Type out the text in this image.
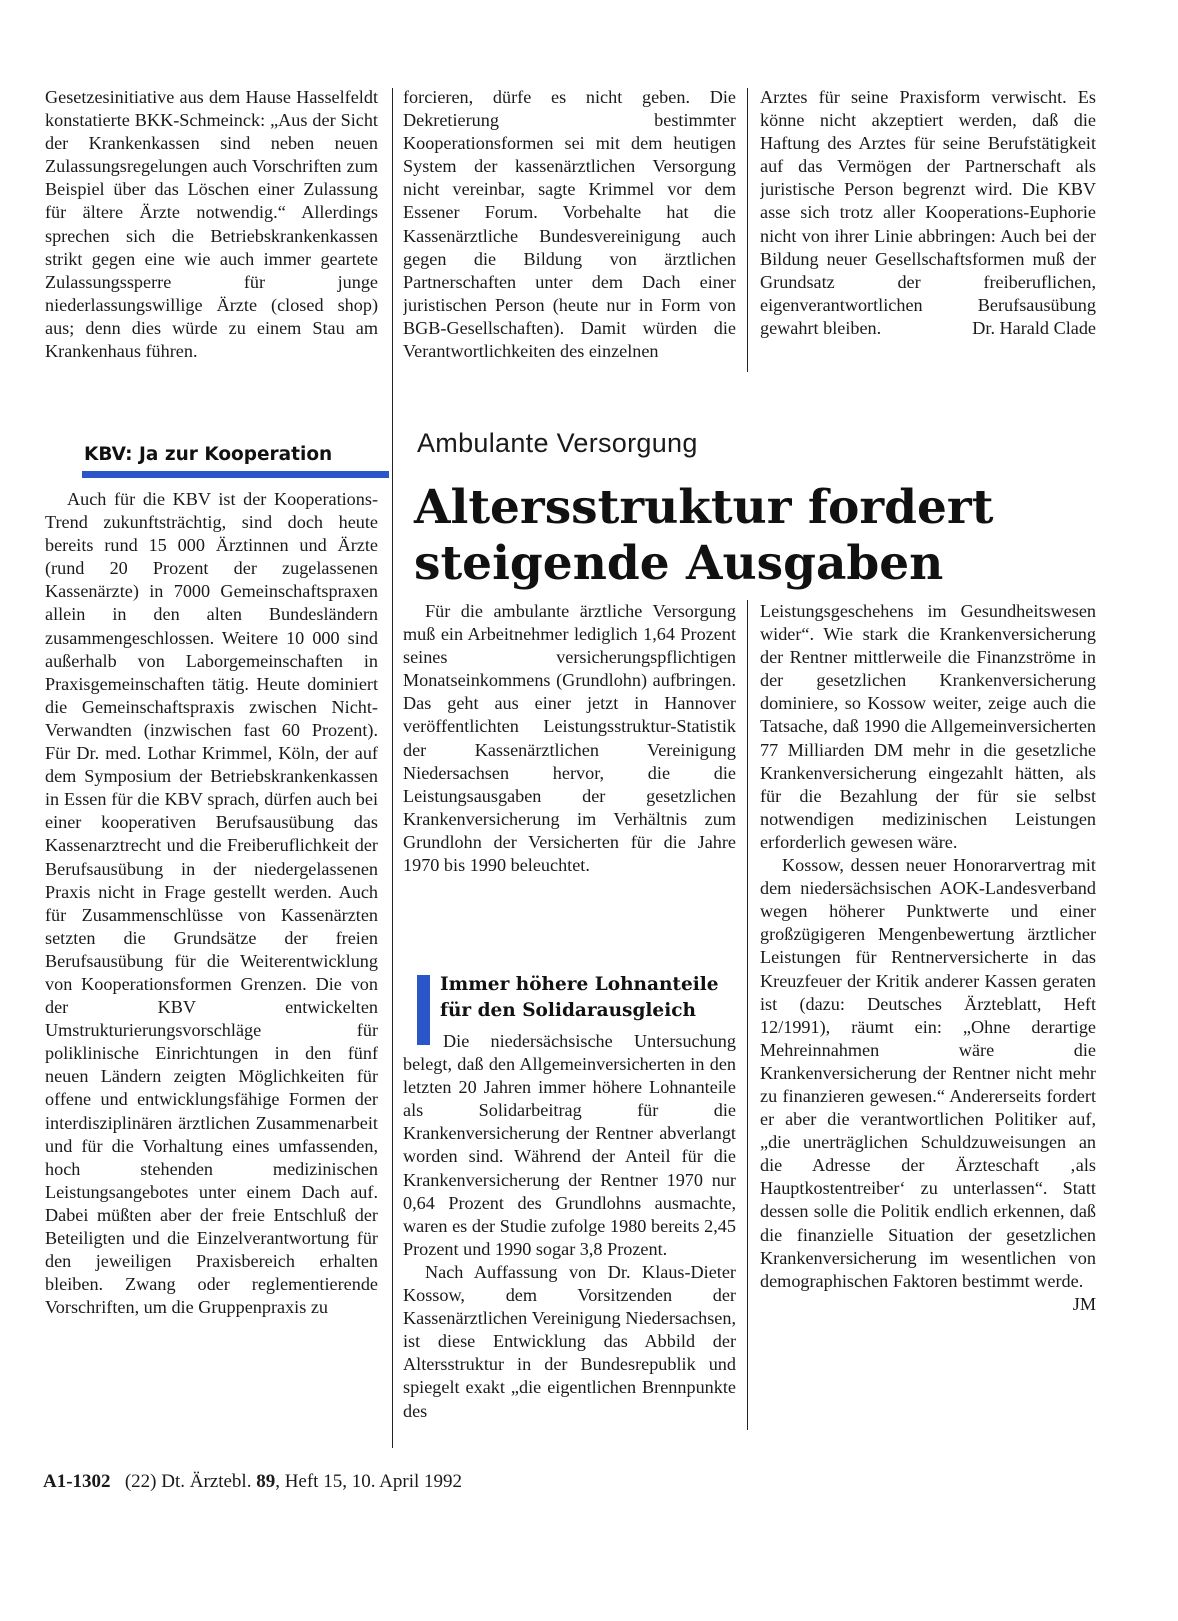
Gesetzesinitiative aus dem Hause Hasselfeldt konstatierte BKK-Schmeinck: „Aus der Sicht der Krankenkassen sind neben neuen Zulassungsregelungen auch Vorschriften zum Beispiel über das Löschen einer Zulassung für ältere Ärzte notwendig.“ Allerdings sprechen sich die Betriebskrankenkassen strikt gegen eine wie auch immer geartete Zulassungssperre für junge niederlassungswillige Ärzte (closed shop) aus; denn dies würde zu einem Stau am Krankenhaus führen.

KBV: Ja zur Kooperation

Auch für die KBV ist der Kooperations-Trend zukunftsträchtig, sind doch heute bereits rund 15 000 Ärztinnen und Ärzte (rund 20 Prozent der zugelassenen Kassenärzte) in 7000 Gemeinschaftspraxen allein in den alten Bundesländern zusammengeschlossen. Weitere 10 000 sind außerhalb von Laborgemeinschaften in Praxisgemeinschaften tätig. Heute dominiert die Gemeinschaftspraxis zwischen Nicht-Verwandten (inzwischen fast 60 Prozent). Für Dr. med. Lothar Krimmel, Köln, der auf dem Symposium der Betriebskrankenkassen in Essen für die KBV sprach, dürfen auch bei einer kooperativen Berufsausübung das Kassenarztrecht und die Freiberuflichkeit der Berufsausübung in der niedergelassenen Praxis nicht in Frage gestellt werden. Auch für Zusammenschlüsse von Kassenärzten setzten die Grundsätze der freien Berufsausübung für die Weiterentwicklung von Kooperationsformen Grenzen. Die von der KBV entwickelten Umstrukturierungsvorschläge für poliklinische Einrichtungen in den fünf neuen Ländern zeigten Möglichkeiten für offene und entwicklungsfähige Formen der interdisziplinären ärztlichen Zusammenarbeit und für die Vorhaltung eines umfassenden, hoch stehenden medizinischen Leistungsangebotes unter einem Dach auf. Dabei müßten aber der freie Entschluß der Beteiligten und die Einzelverantwortung für den jeweiligen Praxisbereich erhalten bleiben. Zwang oder reglementierende Vorschriften, um die Gruppenpraxis zu

forcieren, dürfe es nicht geben. Die Dekretierung bestimmter Kooperationsformen sei mit dem heutigen System der kassenärztlichen Versorgung nicht vereinbar, sagte Krimmel vor dem Essener Forum. Vorbehalte hat die Kassenärztliche Bundesvereinigung auch gegen die Bildung von ärztlichen Partnerschaften unter dem Dach einer juristischen Person (heute nur in Form von BGB-Gesellschaften). Damit würden die Verantwortlichkeiten des einzelnen

Arztes für seine Praxisform verwischt. Es könne nicht akzeptiert werden, daß die Haftung des Arztes für seine Berufstätigkeit auf das Vermögen der Partnerschaft als juristische Person begrenzt wird. Die KBV asse sich trotz aller Kooperations-Euphorie nicht von ihrer Linie abbringen: Auch bei der Bildung neuer Gesellschaftsformen muß der Grundsatz der freiberuflichen, eigenverantwortlichen Berufsausübung gewahrt bleiben.	Dr. Harald Clade

Ambulante Versorgung
Altersstruktur fordert
steigende Ausgaben

Für die ambulante ärztliche Versorgung muß ein Arbeitnehmer lediglich 1,64 Prozent seines versicherungspflichtigen Monatseinkommens (Grundlohn) aufbringen. Das geht aus einer jetzt in Hannover veröffentlichten Leistungsstruktur-Statistik der Kassenärztlichen Vereinigung Niedersachsen hervor, die die Leistungsausgaben der gesetzlichen Krankenversicherung im Verhältnis zum Grundlohn der Versicherten für die Jahre 1970 bis 1990 beleuchtet.

Immer höhere Lohnanteile
für den Solidarausgleich

Die niedersächsische Untersuchung belegt, daß den Allgemeinversicherten in den letzten 20 Jahren immer höhere Lohnanteile als Solidarbeitrag für die Krankenversicherung der Rentner abverlangt worden sind. Während der Anteil für die Krankenversicherung der Rentner 1970 nur 0,64 Prozent des Grundlohns ausmachte, waren es der Studie zufolge 1980 bereits 2,45 Prozent und 1990 sogar 3,8 Prozent.

Nach Auffassung von Dr. Klaus-Dieter Kossow, dem Vorsitzenden der Kassenärztlichen Vereinigung Niedersachsen, ist diese Entwicklung das Abbild der Altersstruktur in der Bundesrepublik und spiegelt exakt „die eigentlichen Brennpunkte des

Leistungsgeschehens im Gesundheitswesen wider“. Wie stark die Krankenversicherung der Rentner mittlerweile die Finanzströme in der gesetzlichen Krankenversicherung dominiere, so Kossow weiter, zeige auch die Tatsache, daß 1990 die Allgemeinversicherten 77 Milliarden DM mehr in die gesetzliche Krankenversicherung eingezahlt hätten, als für die Bezahlung der für sie selbst notwendigen medizinischen Leistungen erforderlich gewesen wäre.

Kossow, dessen neuer Honorarvertrag mit dem niedersächsischen AOK-Landesverband wegen höherer Punktwerte und einer großzügigeren Mengenbewertung ärztlicher Leistungen für Rentnerversicherte in das Kreuzfeuer der Kritik anderer Kassen geraten ist (dazu: Deutsches Ärzteblatt, Heft 12/1991), räumt ein: „Ohne derartige Mehreinnahmen wäre die Krankenversicherung der Rentner nicht mehr zu finanzieren gewesen.“ Andererseits fordert er aber die verantwortlichen Politiker auf, „die unerträglichen Schuldzuweisungen an die Adresse der Ärzteschaft ‚als Hauptkostentreiber‘ zu unterlassen“. Statt dessen solle die Politik endlich erkennen, daß die finanzielle Situation der gesetzlichen Krankenversicherung im wesentlichen von demographischen Faktoren bestimmt werde.
JM

A1-1302 (22) Dt. Ärztebl. 89, Heft 15, 10. April 1992
